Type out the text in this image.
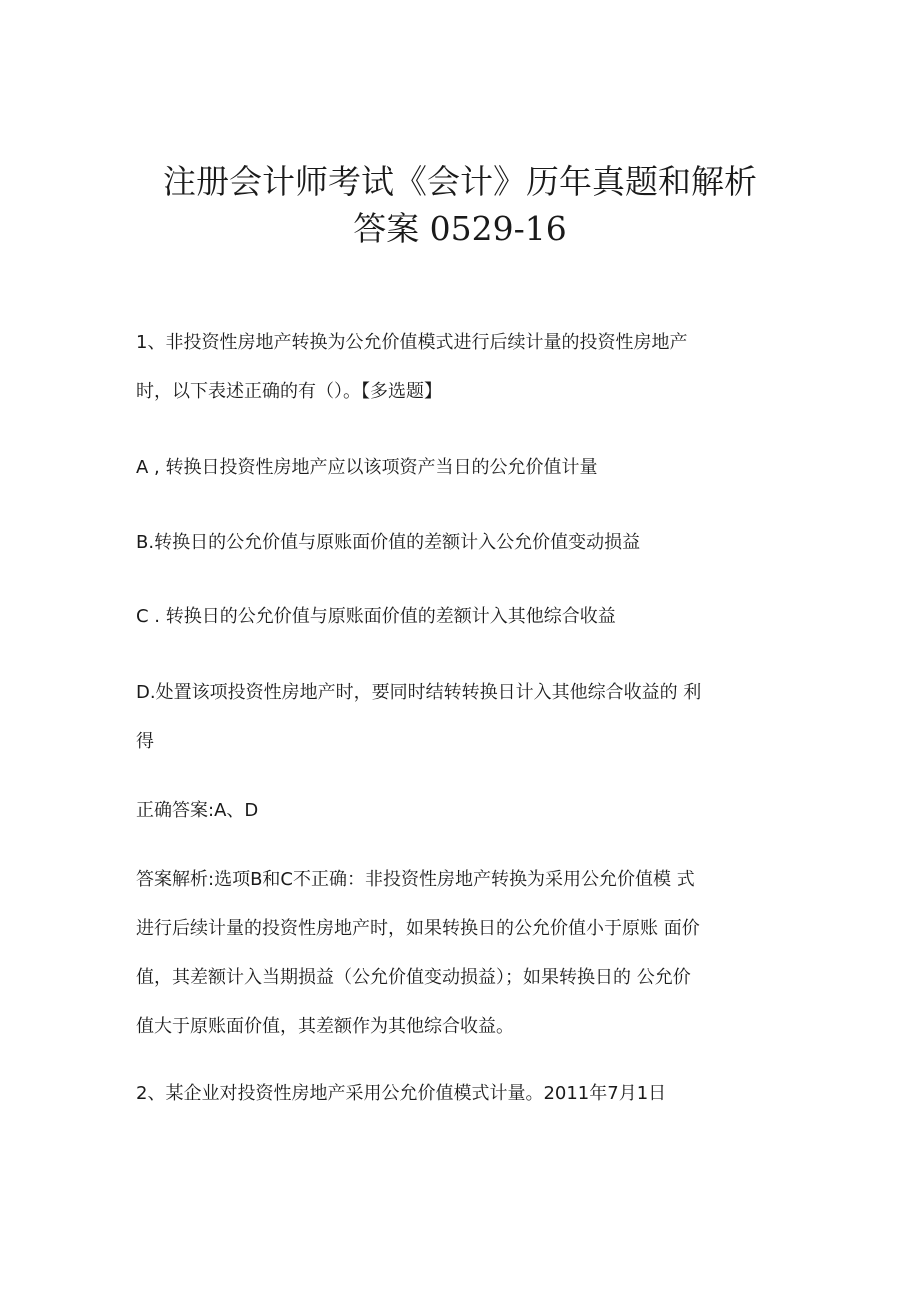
注册会计师考试《会计》历年真题和解析
答案 0529-16
1、非投资性房地产转换为公允价值模式进行后续计量的投资性房地产
时，以下表述正确的有（）。【多选题】
A , 转换日投资性房地产应以该项资产当日的公允价值计量
B.转换日的公允价值与原账面价值的差额计入公允价值变动损益
C . 转换日的公允价值与原账面价值的差额计入其他综合收益
D.处置该项投资性房地产时，要同时结转转换日计入其他综合收益的 利
得
正确答案:A、D
答案解析:选项B和C不正确：非投资性房地产转换为采用公允价值模 式
进行后续计量的投资性房地产时，如果转换日的公允价值小于原账 面价
值，其差额计入当期损益（公允价值变动损益）；如果转换日的 公允价
值大于原账面价值，其差额作为其他综合收益。
2、某企业对投资性房地产采用公允价值模式计量。2011年7月1日
